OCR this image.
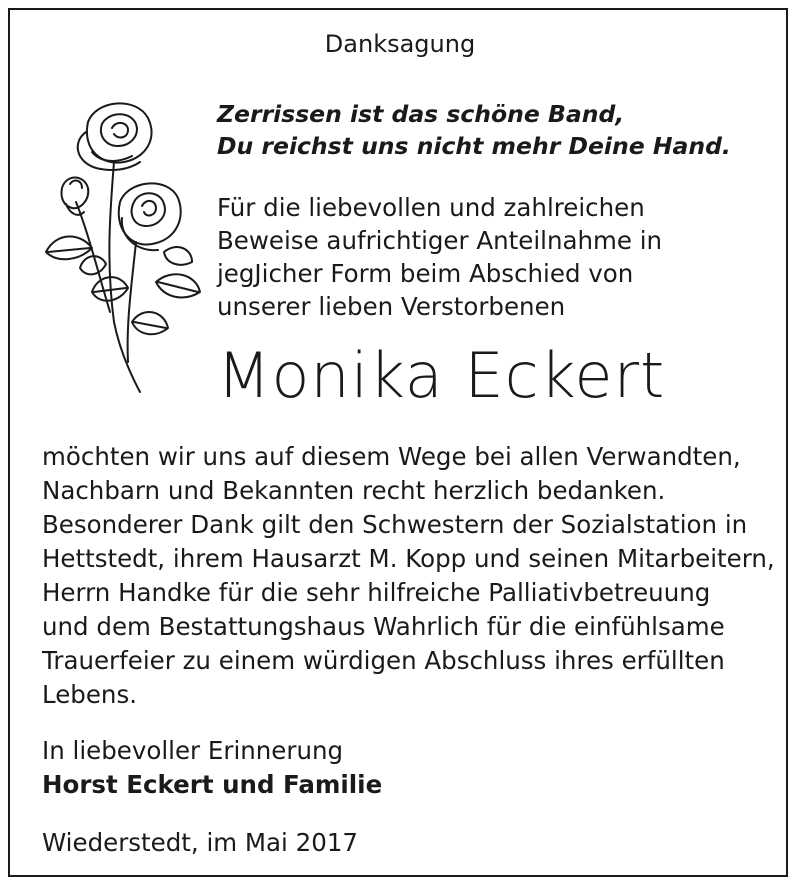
Danksagung
Zerrissen ist das schöne Band,
Du reichst uns nicht mehr Deine Hand.
Für die liebevollen und zahlreichen
Beweise aufrichtiger Anteilnahme in
jegJicher Form beim Abschied von
unserer lieben Verstorbenen
Monika Eckert
möchten wir uns auf diesem Wege bei allen Verwandten,
Nachbarn und Bekannten recht herzlich bedanken.
Besonderer Dank gilt den Schwestern der Sozialstation in
Hettstedt, ihrem Hausarzt M. Kopp und seinen Mitarbeitern,
Herrn Handke für die sehr hilfreiche Palliativbetreuung
und dem Bestattungshaus Wahrlich für die einfühlsame
Trauerfeier zu einem würdigen Abschluss ihres erfüllten
Lebens.
In liebevoller Erinnerung
Horst Eckert und Familie
Wiederstedt, im Mai 2017
